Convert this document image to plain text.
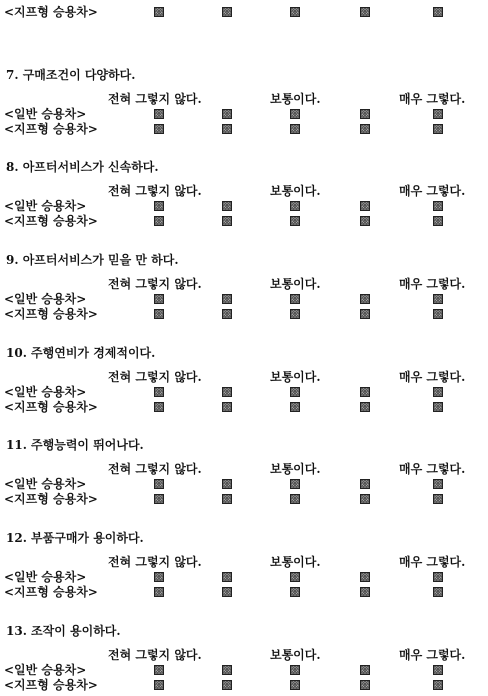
<지프형 승용차>
7. 구매조건이 다양하다.
전혀 그렇지 않다.	보통이다.	매우 그렇다.
<일반 승용차>
<지프형 승용차>
8. 아프터서비스가 신속하다.
전혀 그렇지 않다.	보통이다.	매우 그렇다.
<일반 승용차>
<지프형 승용차>
9. 아프터서비스가 믿을 만 하다.
전혀 그렇지 않다.	보통이다.	매우 그렇다.
<일반 승용차>
<지프형 승용차>
10. 주행연비가 경제적이다.
전혀 그렇지 않다.	보통이다.	매우 그렇다.
<일반 승용차>
<지프형 승용차>
11. 주행능력이 뛰어나다.
전혀 그렇지 않다.	보통이다.	매우 그렇다.
<일반 승용차>
<지프형 승용차>
12. 부품구매가 용이하다.
전혀 그렇지 않다.	보통이다.	매우 그렇다.
<일반 승용차>
<지프형 승용차>
13. 조작이 용이하다.
전혀 그렇지 않다.	보통이다.	매우 그렇다.
<일반 승용차>
<지프형 승용차>
